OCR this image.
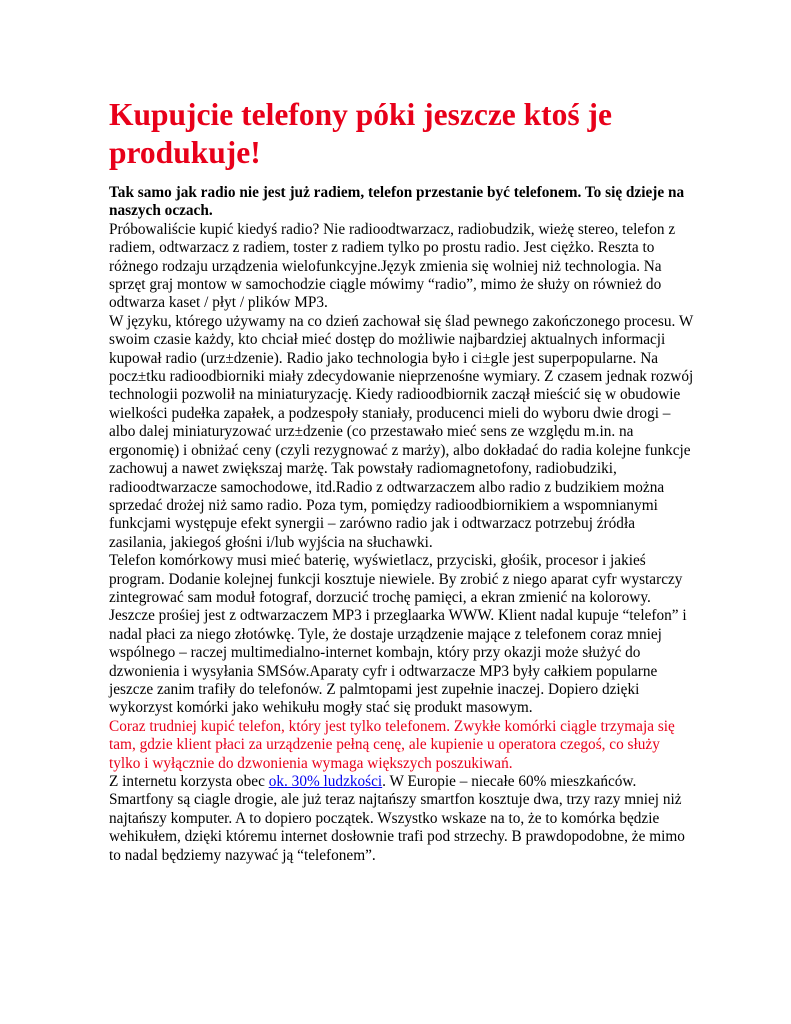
Kupujcie telefony póki jeszcze ktoś je produkuje!

Tak samo jak radio nie jest już radiem, telefon przestanie być telefonem. To się dzieje na naszych oczach.

Próbowaliście kupić kiedyś radio? Nie radioodtwarzacz, radiobudzik, wieżę stereo, telefon z radiem, odtwarzacz z radiem, toster z radiem tylko po prostu radio. Jest ciężko. Reszta to różnego rodzaju urządzenia wielofunkcyjne.Język zmienia się wolniej niż technologia. Na sprzęt graj montow w samochodzie ciągle mówimy “radio”, mimo że służy on również do odtwarza kaset / płyt / plików MP3.

W języku, którego używamy na co dzień zachował się ślad pewnego zakończonego procesu. W swoim czasie każdy, kto chciał mieć dostęp do możliwie najbardziej aktualnych informacji kupował radio (urz±dzenie). Radio jako technologia było i ci±gle jest superpopularne. Na pocz±tku radioodbiorniki miały zdecydowanie nieprzenośne wymiary. Z czasem jednak rozwój technologii pozwolił na miniaturyzację. Kiedy radioodbiornik zaczął mieścić się w obudowie wielkości pudełka zapałek, a podzespoły staniały, producenci mieli do wyboru dwie drogi – albo dalej miniaturyzować urz±dzenie (co przestawało mieć sens ze względu m.in. na ergonomię) i obniżać ceny (czyli rezygnować z marży), albo dokładać do radia kolejne funkcje zachowuj a nawet zwiększaj marżę. Tak powstały radiomagnetofony, radiobudziki, radioodtwarzacze samochodowe, itd.Radio z odtwarzaczem albo radio z budzikiem można sprzedać drożej niż samo radio. Poza tym, pomiędzy radioodbiornikiem a wspomnianymi funkcjami występuje efekt synergii – zarówno radio jak i odtwarzacz potrzebuj źródła zasilania, jakiegoś głośni i/lub wyjścia na słuchawki.

Telefon komórkowy musi mieć baterię, wyświetlacz, przyciski, głośik, procesor i jakieś program. Dodanie kolejnej funkcji kosztuje niewiele. By zrobić z niego aparat cyfr wystarczy zintegrować sam moduł fotograf, dorzucić trochę pamięci, a ekran zmienić na kolorowy. Jeszcze prośiej jest z odtwarzaczem MP3 i przeglaarka WWW. Klient nadal kupuje “telefon” i nadal płaci za niego złotówkę. Tyle, że dostaje urządzenie mające z telefonem coraz mniej wspólnego – raczej multimedialno-internet kombajn, który przy okazji może służyć do dzwonienia i wysyłania SMSów.Aparaty cyfr i odtwarzacze MP3 były całkiem popularne jeszcze zanim trafiły do telefonów. Z palmtopami jest zupełnie inaczej. Dopiero dzięki wykorzyst komórki jako wehikułu mogły stać się produkt masowym.

Coraz trudniej kupić telefon, który jest tylko telefonem. Zwykłe komórki ciągle trzymaja się tam, gdzie klient płaci za urządzenie pełną cenę, ale kupienie u operatora czegoś, co służy tylko i wyłącznie do dzwonienia wymaga większych poszukiwań.

Z internetu korzysta obec ok. 30% ludzkości. W Europie – niecałe 60% mieszkańców. Smartfony są ciagle drogie, ale już teraz najtańszy smartfon kosztuje dwa, trzy razy mniej niż najtańszy komputer. A to dopiero początek. Wszystko wskaze na to, że to komórka będzie wehikułem, dzięki któremu internet dosłownie trafi pod strzechy. B prawdopodobne, że mimo to nadal będziemy nazywać ją “telefonem”.
